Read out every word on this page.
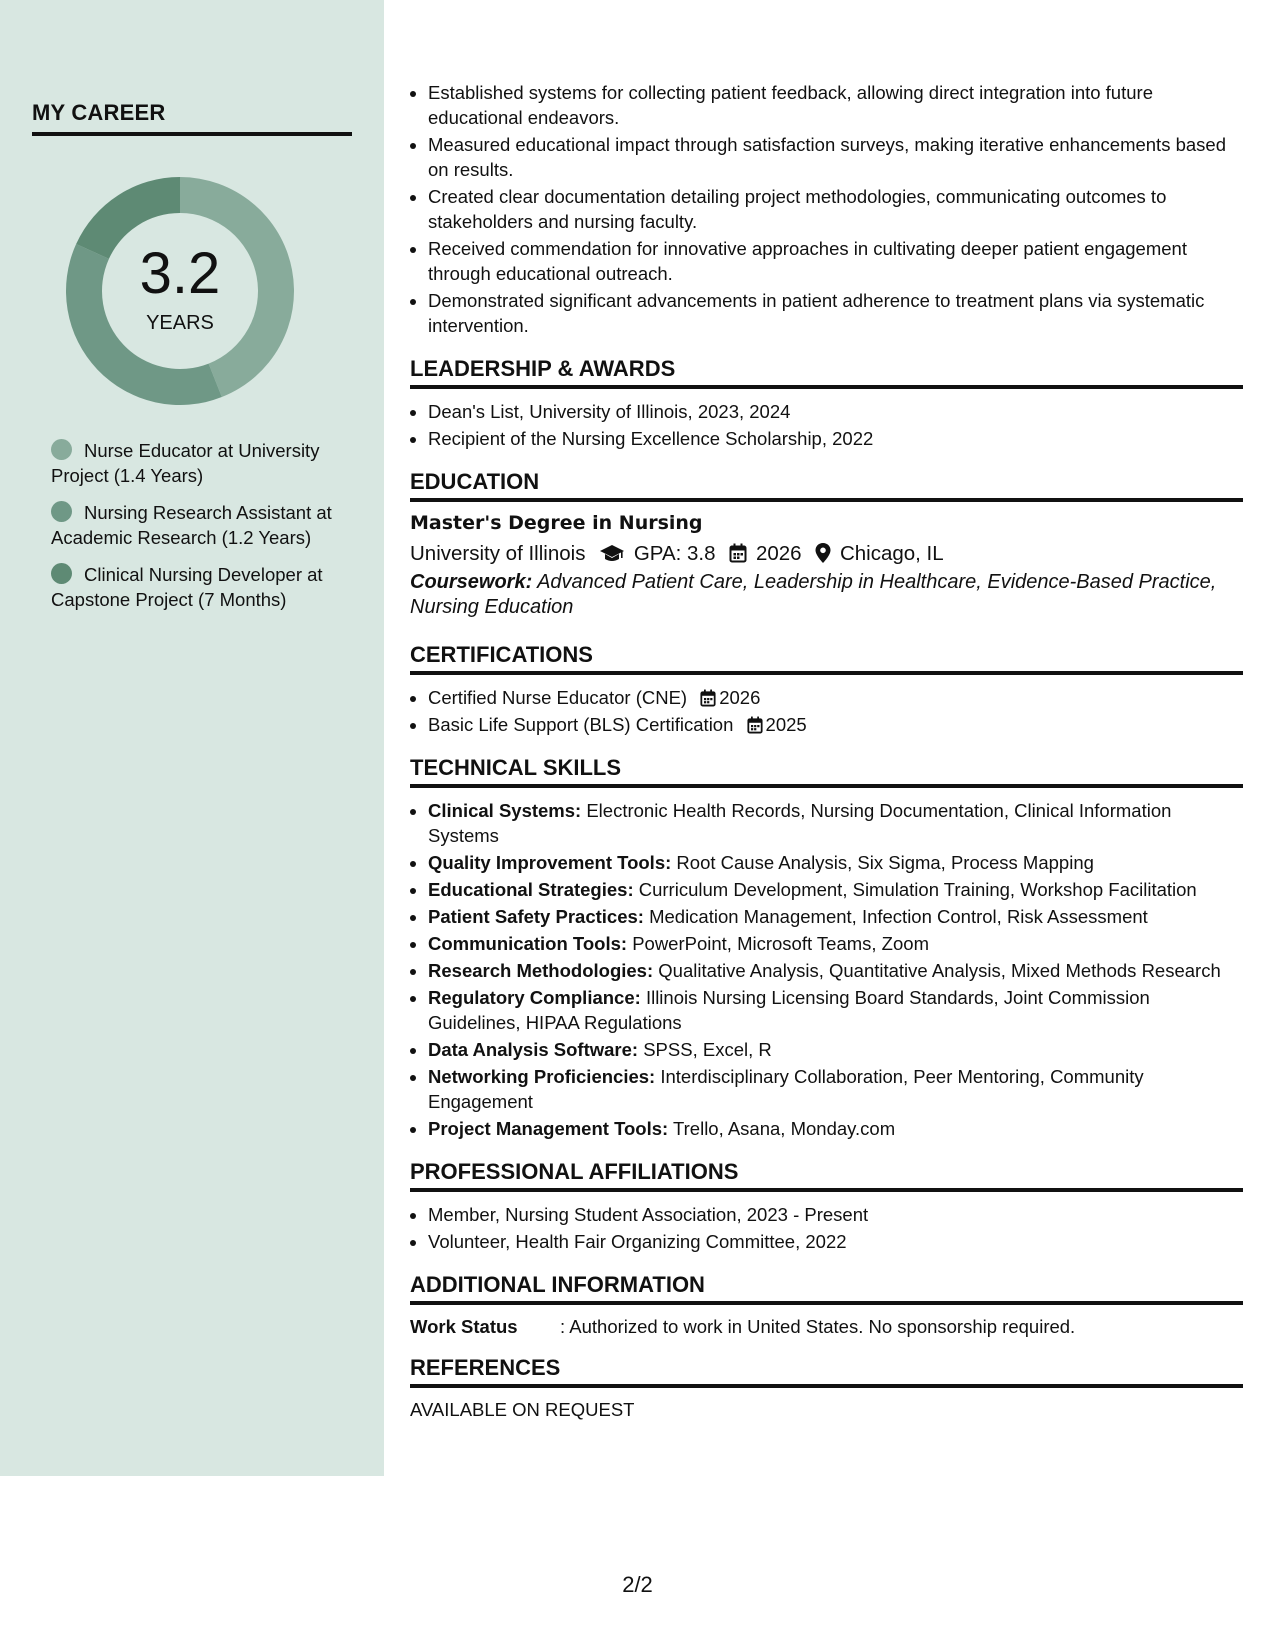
MY CAREER
3.2
YEARS
Nurse Educator at University Project (1.4 Years)
Nursing Research Assistant at Academic Research (1.2 Years)
Clinical Nursing Developer at Capstone Project (7 Months)
• Established systems for collecting patient feedback, allowing direct integration into future educational endeavors.
• Measured educational impact through satisfaction surveys, making iterative enhancements based on results.
• Created clear documentation detailing project methodologies, communicating outcomes to stakeholders and nursing faculty.
• Received commendation for innovative approaches in cultivating deeper patient engagement through educational outreach.
• Demonstrated significant advancements in patient adherence to treatment plans via systematic intervention.
LEADERSHIP & AWARDS
• Dean's List, University of Illinois, 2023, 2024
• Recipient of the Nursing Excellence Scholarship, 2022
EDUCATION
Master's Degree in Nursing
University of Illinois GPA: 3.8 2026 Chicago, IL
Coursework: Advanced Patient Care, Leadership in Healthcare, Evidence-Based Practice, Nursing Education
CERTIFICATIONS
• Certified Nurse Educator (CNE) 2026
• Basic Life Support (BLS) Certification 2025
TECHNICAL SKILLS
• Clinical Systems: Electronic Health Records, Nursing Documentation, Clinical Information Systems
• Quality Improvement Tools: Root Cause Analysis, Six Sigma, Process Mapping
• Educational Strategies: Curriculum Development, Simulation Training, Workshop Facilitation
• Patient Safety Practices: Medication Management, Infection Control, Risk Assessment
• Communication Tools: PowerPoint, Microsoft Teams, Zoom
• Research Methodologies: Qualitative Analysis, Quantitative Analysis, Mixed Methods Research
• Regulatory Compliance: Illinois Nursing Licensing Board Standards, Joint Commission Guidelines, HIPAA Regulations
• Data Analysis Software: SPSS, Excel, R
• Networking Proficiencies: Interdisciplinary Collaboration, Peer Mentoring, Community Engagement
• Project Management Tools: Trello, Asana, Monday.com
PROFESSIONAL AFFILIATIONS
• Member, Nursing Student Association, 2023 - Present
• Volunteer, Health Fair Organizing Committee, 2022
ADDITIONAL INFORMATION
Work Status : Authorized to work in United States. No sponsorship required.
REFERENCES
AVAILABLE ON REQUEST
2/2
